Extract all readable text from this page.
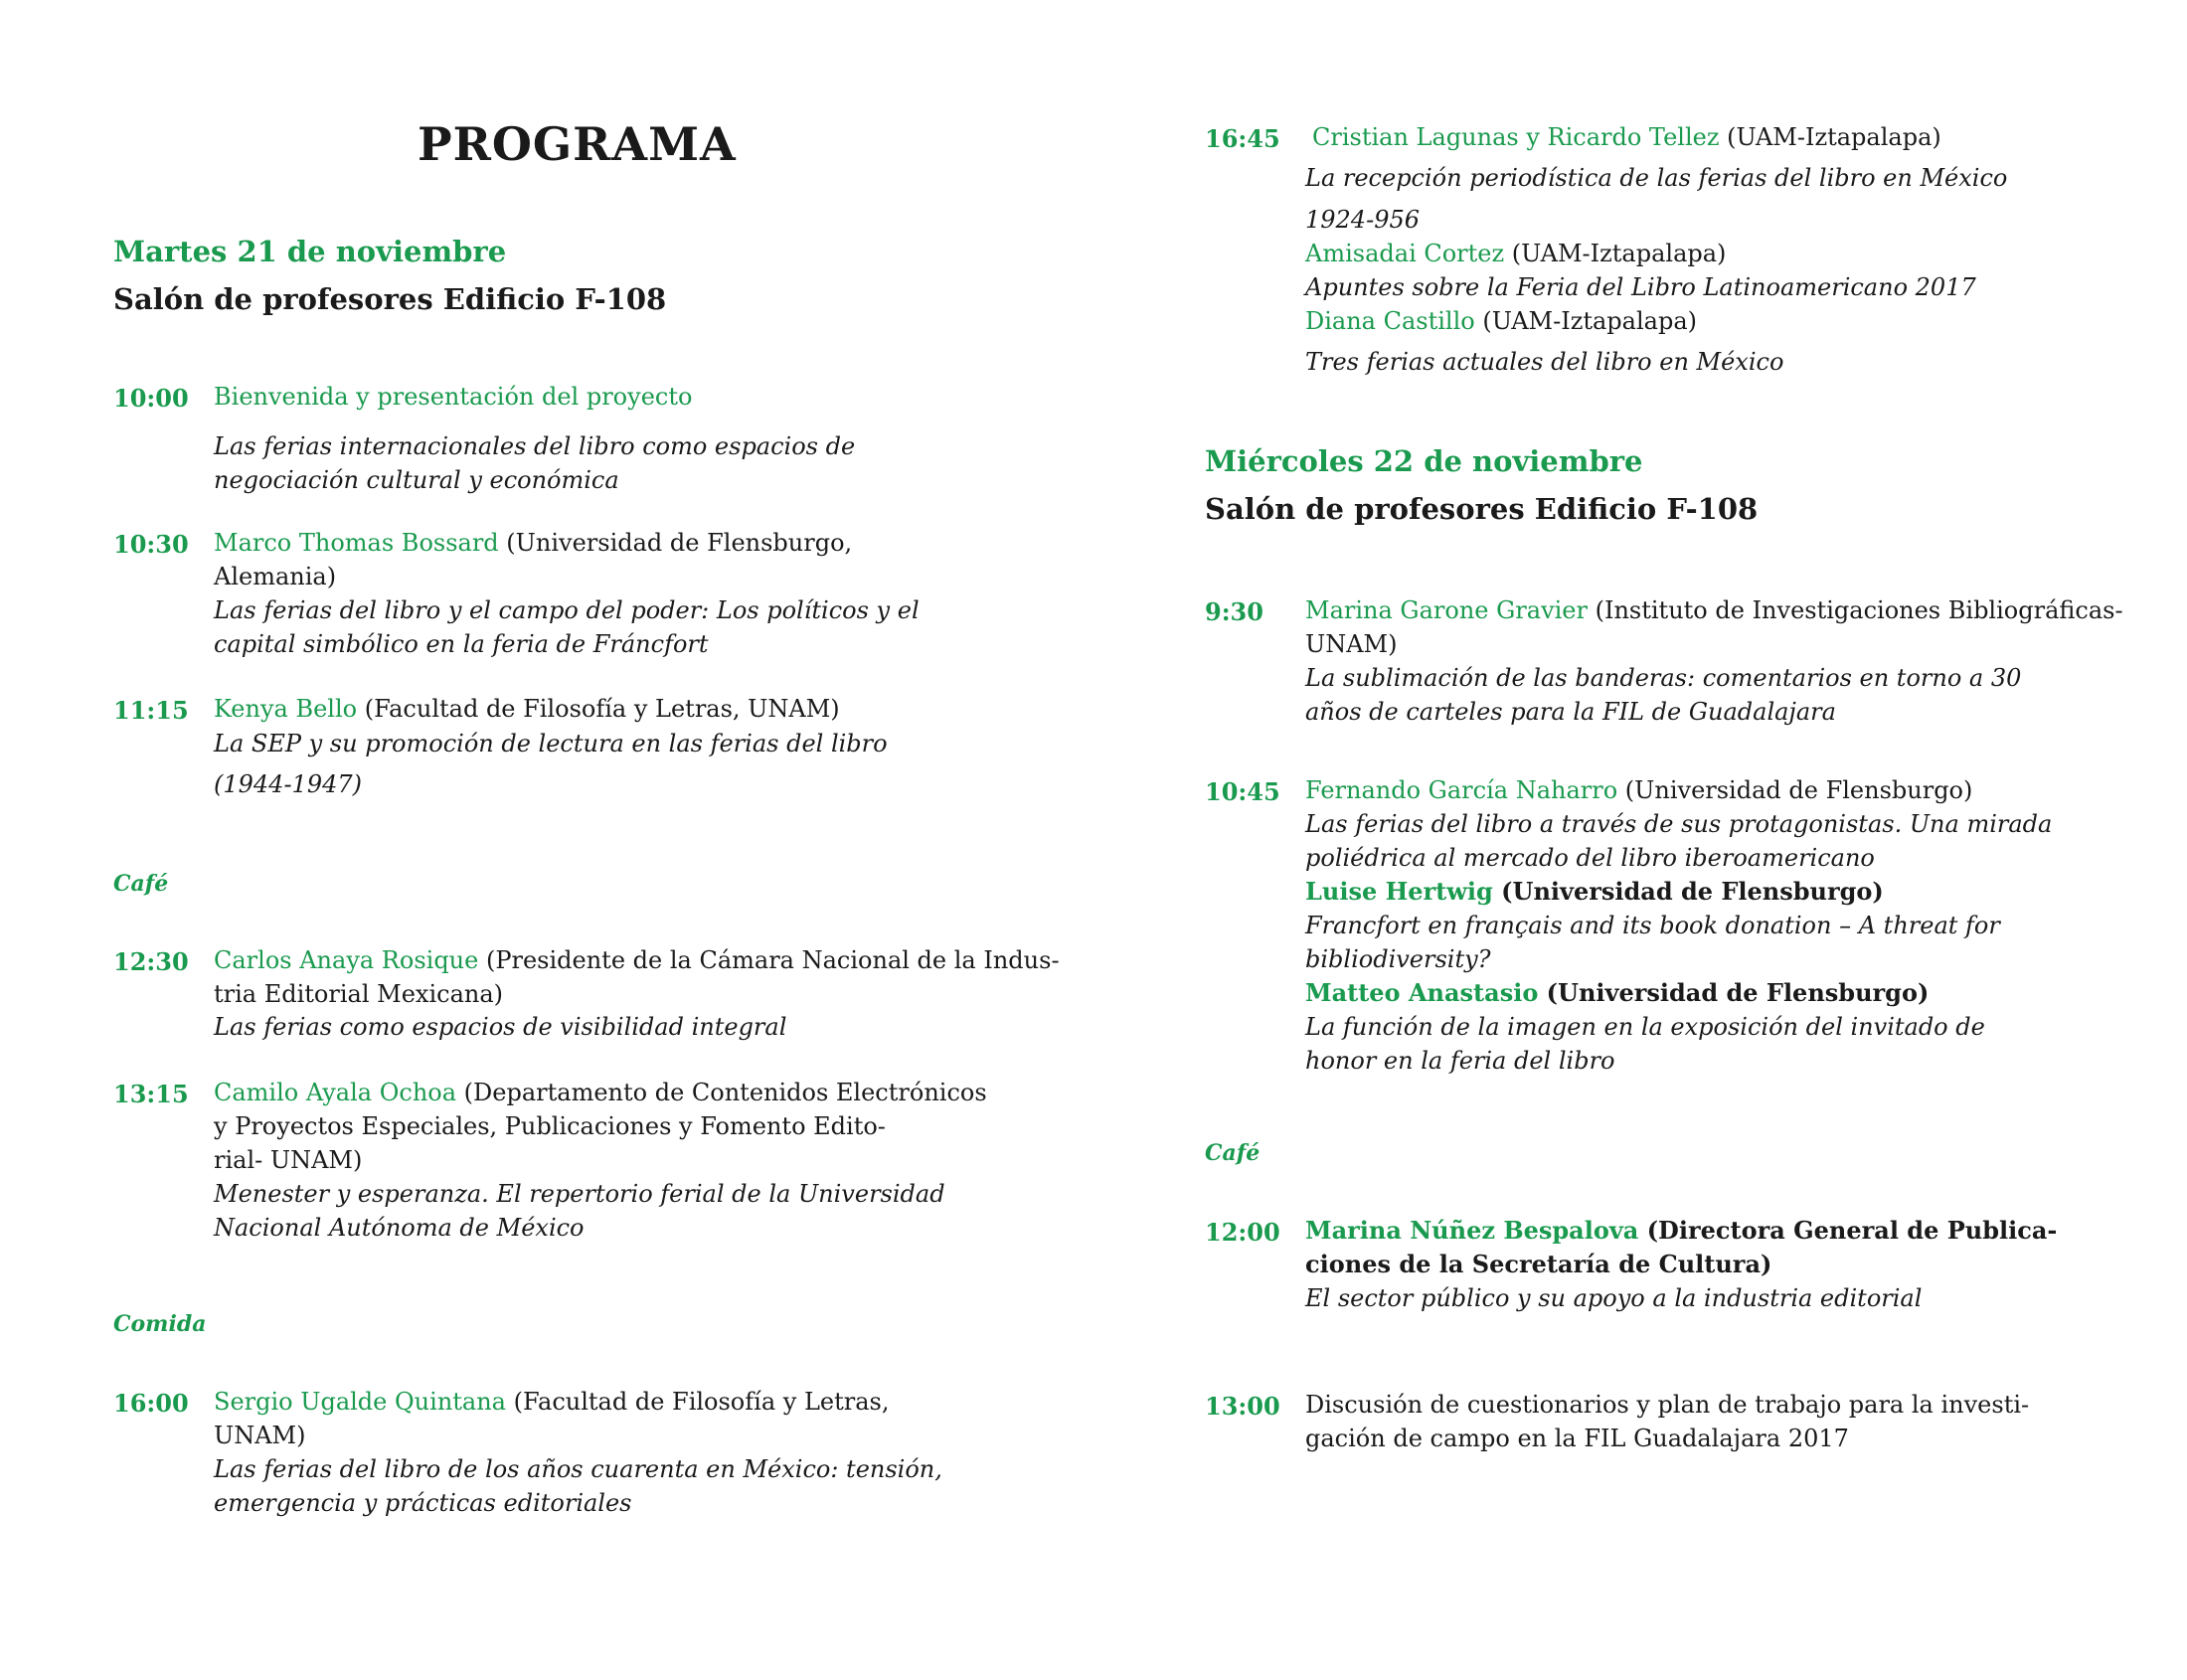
PROGRAMA
Martes 21 de noviembre
Salón de profesores Edificio F-108
10:00 Bienvenida y presentación del proyecto
Las ferias internacionales del libro como espacios de
negociación cultural y económica
10:30 Marco Thomas Bossard (Universidad de Flensburgo,
Alemania)
Las ferias del libro y el campo del poder: Los políticos y el
capital simbólico en la feria de Fráncfort
11:15 Kenya Bello (Facultad de Filosofía y Letras, UNAM)
La SEP y su promoción de lectura en las ferias del libro
(1944-1947)
Café
12:30 Carlos Anaya Rosique (Presidente de la Cámara Nacional de la Indus-
tria Editorial Mexicana)
Las ferias como espacios de visibilidad integral
13:15 Camilo Ayala Ochoa (Departamento de Contenidos Electrónicos
y Proyectos Especiales, Publicaciones y Fomento Edito-
rial- UNAM)
Menester y esperanza. El repertorio ferial de la Universidad
Nacional Autónoma de México
Comida
16:00 Sergio Ugalde Quintana (Facultad de Filosofía y Letras,
UNAM)
Las ferias del libro de los años cuarenta en México: tensión,
emergencia y prácticas editoriales
16:45 Cristian Lagunas y Ricardo Tellez (UAM-Iztapalapa)
La recepción periodística de las ferias del libro en México
1924-956
Amisadai Cortez (UAM-Iztapalapa)
Apuntes sobre la Feria del Libro Latinoamericano 2017
Diana Castillo (UAM-Iztapalapa)
Tres ferias actuales del libro en México
Miércoles 22 de noviembre
Salón de profesores Edificio F-108
9:30 Marina Garone Gravier (Instituto de Investigaciones Bibliográficas-
UNAM)
La sublimación de las banderas: comentarios en torno a 30
años de carteles para la FIL de Guadalajara
10:45 Fernando García Naharro (Universidad de Flensburgo)
Las ferias del libro a través de sus protagonistas. Una mirada
poliédrica al mercado del libro iberoamericano
Luise Hertwig (Universidad de Flensburgo)
Francfort en français and its book donation – A threat for
bibliodiversity?
Matteo Anastasio (Universidad de Flensburgo)
La función de la imagen en la exposición del invitado de
honor en la feria del libro
Café
12:00 Marina Núñez Bespalova (Directora General de Publica-
ciones de la Secretaría de Cultura)
El sector público y su apoyo a la industria editorial
13:00 Discusión de cuestionarios y plan de trabajo para la investi-
gación de campo en la FIL Guadalajara 2017
